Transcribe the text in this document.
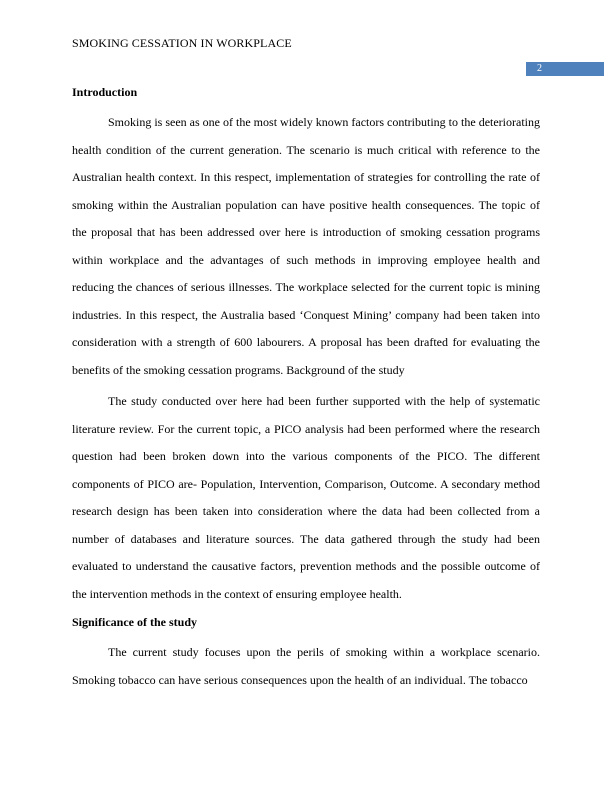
SMOKING CESSATION IN WORKPLACE
2
Introduction

Smoking is seen as one of the most widely known factors contributing to the deteriorating health condition of the current generation. The scenario is much critical with reference to the Australian health context. In this respect, implementation of strategies for controlling the rate of smoking within the Australian population can have positive health consequences. The topic of the proposal that has been addressed over here is introduction of smoking cessation programs within workplace and the advantages of such methods in improving employee health and reducing the chances of serious illnesses. The workplace selected for the current topic is mining industries. In this respect, the Australia based ‘Conquest Mining’ company had been taken into consideration with a strength of 600 labourers. A proposal has been drafted for evaluating the benefits of the smoking cessation programs. Background of the study

The study conducted over here had been further supported with the help of systematic literature review. For the current topic, a PICO analysis had been performed where the research question had been broken down into the various components of the PICO. The different components of PICO are- Population, Intervention, Comparison, Outcome. A secondary method research design has been taken into consideration where the data had been collected from a number of databases and literature sources. The data gathered through the study had been evaluated to understand the causative factors, prevention methods and the possible outcome of the intervention methods in the context of ensuring employee health.

Significance of the study

The current study focuses upon the perils of smoking within a workplace scenario. Smoking tobacco can have serious consequences upon the health of an individual. The tobacco
